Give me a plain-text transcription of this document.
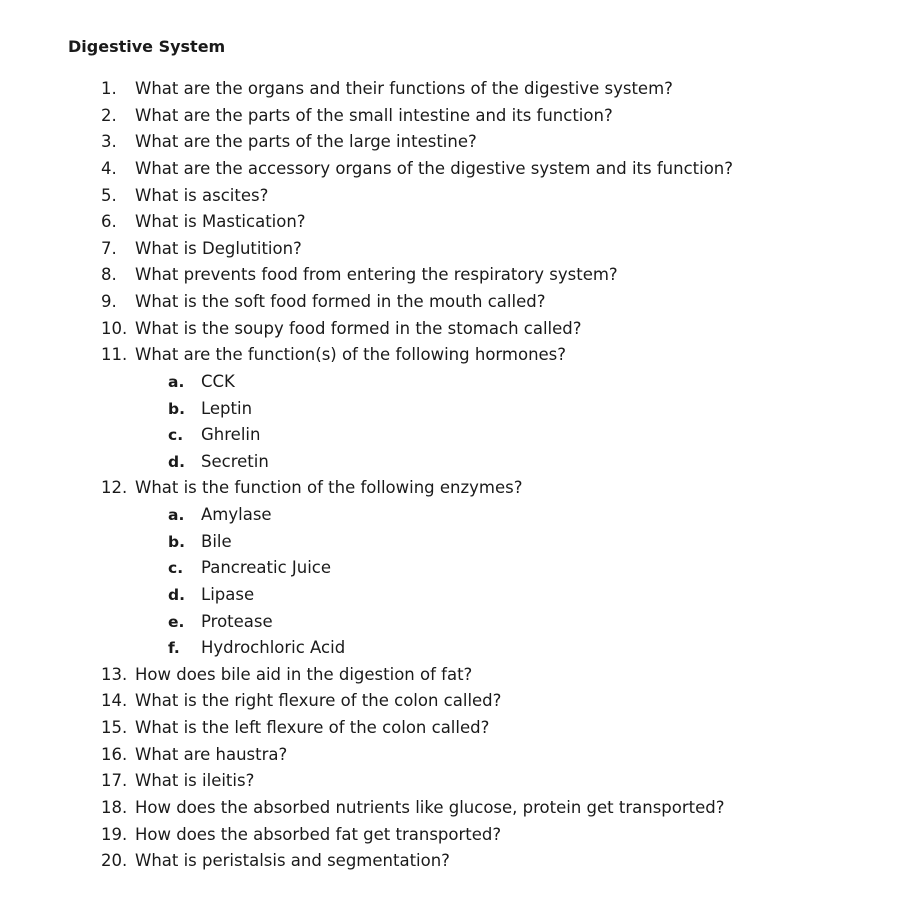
Digestive System
1. What are the organs and their functions of the digestive system?
2. What are the parts of the small intestine and its function?
3. What are the parts of the large intestine?
4. What are the accessory organs of the digestive system and its function?
5. What is ascites?
6. What is Mastication?
7. What is Deglutition?
8. What prevents food from entering the respiratory system?
9. What is the soft food formed in the mouth called?
10. What is the soupy food formed in the stomach called?
11. What are the function(s) of the following hormones?
a. CCK
b. Leptin
c. Ghrelin
d. Secretin
12. What is the function of the following enzymes?
a. Amylase
b. Bile
c. Pancreatic Juice
d. Lipase
e. Protease
f. Hydrochloric Acid
13. How does bile aid in the digestion of fat?
14. What is the right flexure of the colon called?
15. What is the left flexure of the colon called?
16. What are haustra?
17. What is ileitis?
18. How does the absorbed nutrients like glucose, protein get transported?
19. How does the absorbed fat get transported?
20. What is peristalsis and segmentation?
